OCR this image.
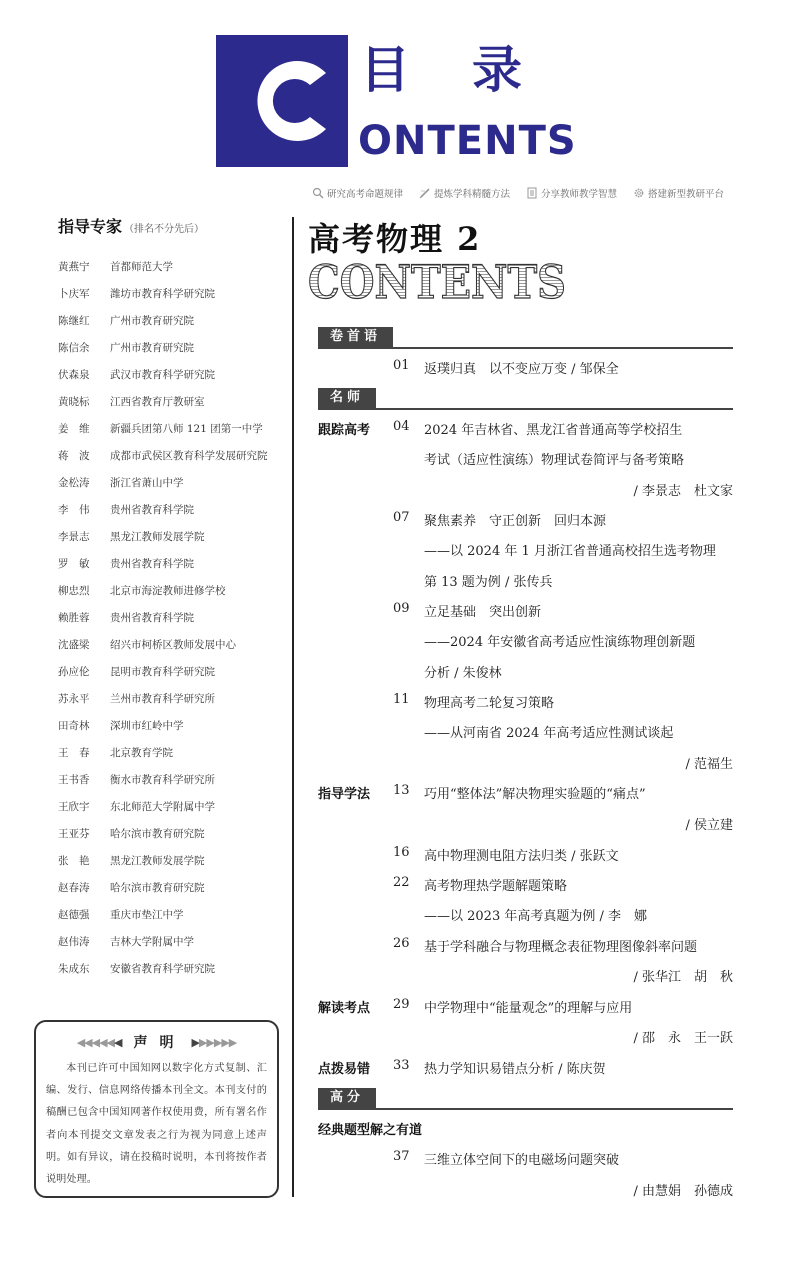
目录
ONTENTS
研究高考命题规律	提炼学科精髓方法	分享教师教学智慧	搭建新型教研平台
指导专家 （排名不分先后）
黄燕宁	首都师范大学
卜庆军	潍坊市教育科学研究院
陈继红	广州市教育研究院
陈信余	广州市教育研究院
伏森泉	武汉市教育科学研究院
黄晓标	江西省教育厅教研室
姜　维	新疆兵团第八师 121 团第一中学
蒋　波	成都市武侯区教育科学发展研究院
金松涛	浙江省萧山中学
李　伟	贵州省教育科学院
李景志	黑龙江教师发展学院
罗　敏	贵州省教育科学院
柳忠烈	北京市海淀教师进修学校
赖胜蓉	贵州省教育科学院
沈盛梁	绍兴市柯桥区教师发展中心
孙应伦	昆明市教育科学研究院
苏永平	兰州市教育科学研究所
田奇林	深圳市红岭中学
王　春	北京教育学院
王书香	衡水市教育科学研究所
王欣宇	东北师范大学附属中学
王亚芬	哈尔滨市教育研究院
张　艳	黑龙江教师发展学院
赵春涛	哈尔滨市教育研究院
赵德强	重庆市垫江中学
赵伟涛	吉林大学附属中学
朱成东	安徽省教育科学研究院
◀◀◀◀◀◀ 声明 ▶▶▶▶▶▶
本刊已许可中国知网以数字化方式复制、汇编、发行、信息网络传播本刊全文。本刊支付的稿酬已包含中国知网著作权使用费，所有署名作者向本刊提交文章发表之行为视为同意上述声明。如有异议，请在投稿时说明，本刊将按作者说明处理。
高考物理 2
CONTENTS
卷首语
01 返璞归真　以不变应万变 / 邹保全
名师
跟踪高考 04 2024 年吉林省、黑龙江省普通高等学校招生
考试（适应性演练）物理试卷简评与备考策略
/ 李景志　杜文家
07 聚焦素养　守正创新　回归本源
——以 2024 年 1 月浙江省普通高校招生选考物理
第 13 题为例 / 张传兵
09 立足基础　突出创新
——2024 年安徽省高考适应性演练物理创新题
分析 / 朱俊林
11 物理高考二轮复习策略
——从河南省 2024 年高考适应性测试谈起
/ 范福生
指导学法 13 巧用“整体法”解决物理实验题的“痛点”
/ 侯立建
16 高中物理测电阻方法归类 / 张跃文
22 高考物理热学题解题策略
——以 2023 年高考真题为例 / 李　娜
26 基于学科融合与物理概念表征物理图像斜率问题
/ 张华江　胡　秋
解读考点 29 中学物理中“能量观念”的理解与应用
/ 邵　永　王一跃
点拨易错 33 热力学知识易错点分析 / 陈庆贺
高分
经典题型解之有道
37 三维立体空间下的电磁场问题突破
/ 由慧娟　孙德成
